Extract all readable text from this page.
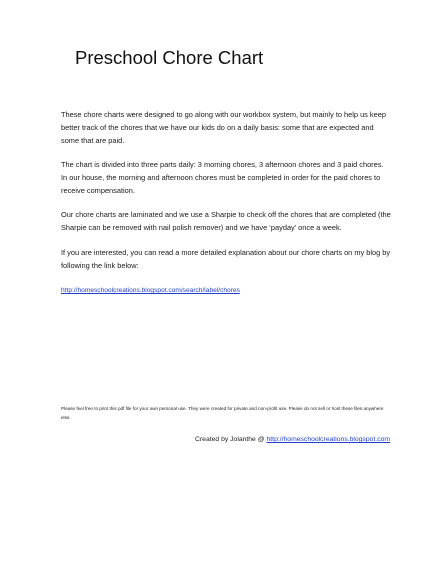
Preschool Chore Chart

These chore charts were designed to go along with our workbox system, but mainly to help us keep better track of the chores that we have our kids do on a daily basis: some that are expected and some that are paid.

The chart is divided into three parts daily: 3 morning chores, 3 afternoon chores and 3 paid chores. In our house, the morning and afternoon chores must be completed in order for the paid chores to receive compensation.

Our chore charts are laminated and we use a Sharpie to check off the chores that are completed (the Sharpie can be removed with nail polish remover) and we have ‘payday’ once a week.

If you are interested, you can read a more detailed explanation about our chore charts on my blog by following the link below:

http://homeschoolcreations.blogspot.com/search/label/chores

Please feel free to print this pdf file for your own personal use. They were created for private and non-profit use. Please do not sell or host these files anywhere else.

Created by Jolanthe @ http://homeschoolcreations.blogspot.com
